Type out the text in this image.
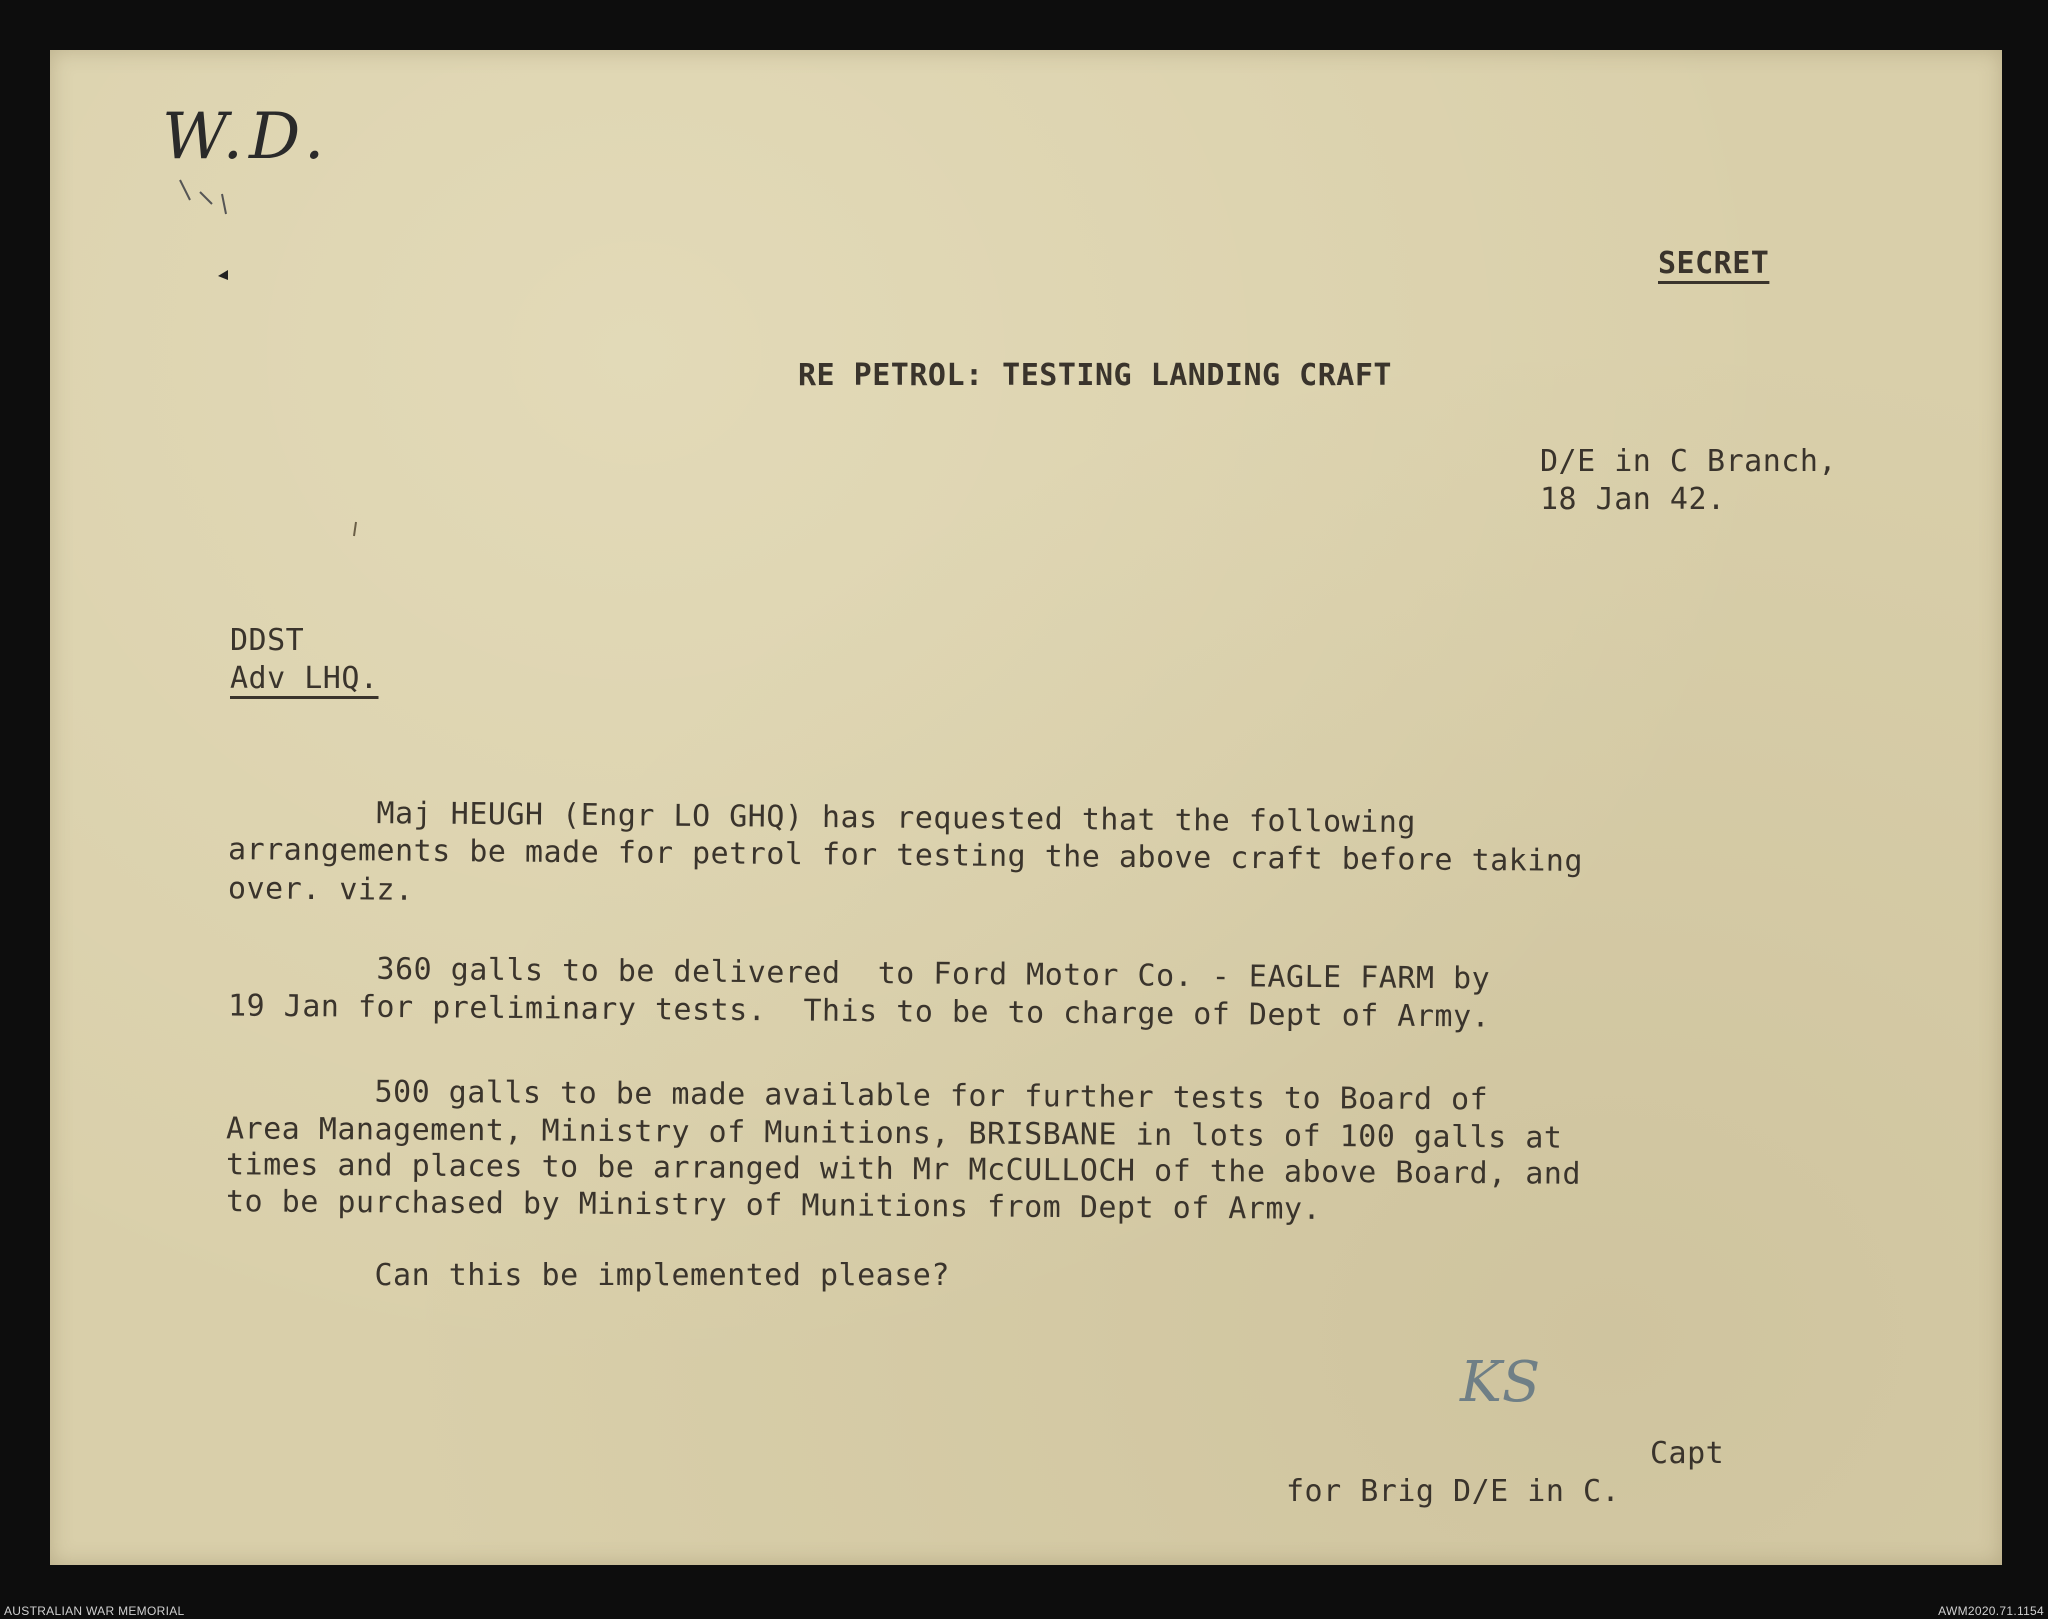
W.D.
SECRET
RE PETROL: TESTING LANDING CRAFT
D/E in C Branch,
18 Jan 42.
DDST
Adv LHQ.
Maj HEUGH (Engr LO GHQ) has requested that the following
arrangements be made for petrol for testing the above craft before taking
over. viz.
360 galls to be delivered  to Ford Motor Co. - EAGLE FARM by
19 Jan for preliminary tests.  This to be to charge of Dept of Army.
500 galls to be made available for further tests to Board of
Area Management, Ministry of Munitions, BRISBANE in lots of 100 galls at
times and places to be arranged with Mr McCULLOCH of the above Board, and
to be purchased by Ministry of Munitions from Dept of Army.
Can this be implemented please?
KS
Capt
for Brig D/E in C.
AUSTRALIAN WAR MEMORIAL	AWM2020.71.1154
